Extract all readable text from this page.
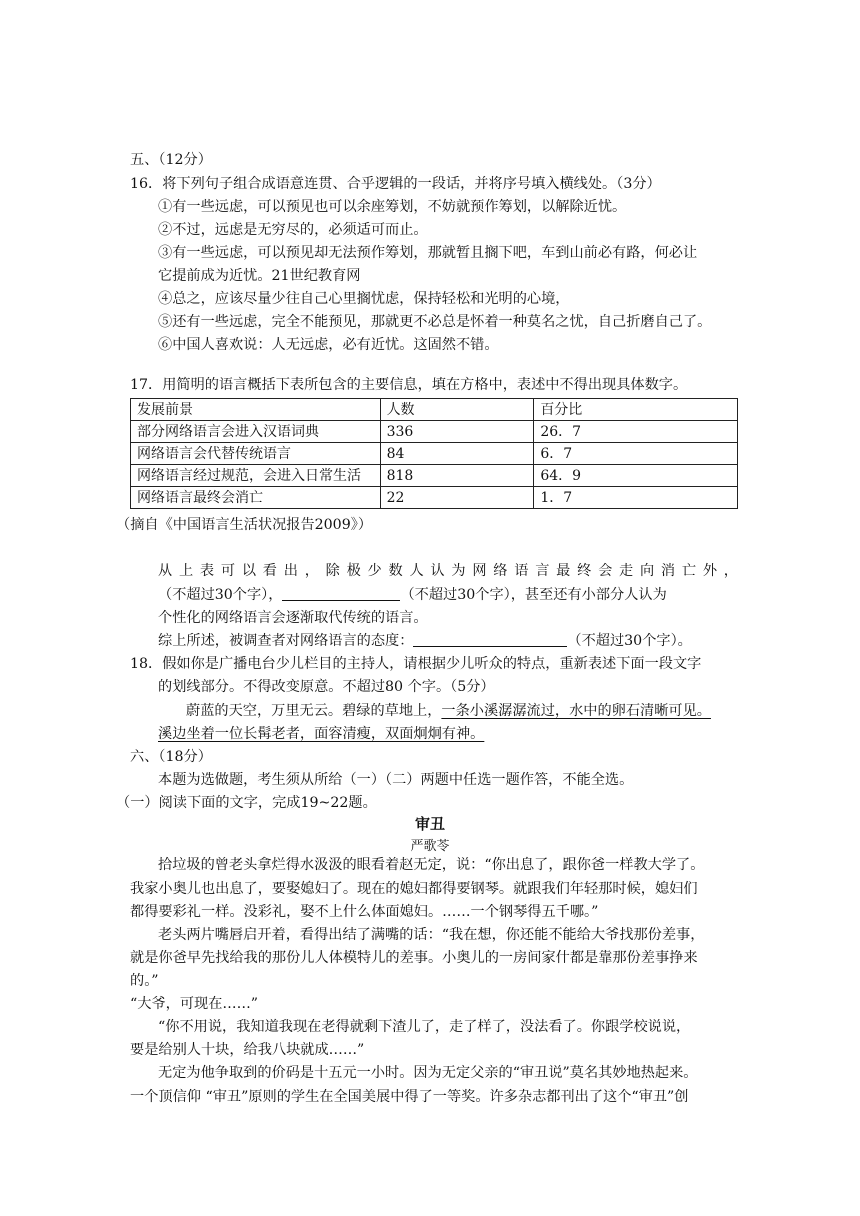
五、（12分）
16．将下列句子组合成语意连贯、合乎逻辑的一段话，并将序号填入横线处。（3分）
①有一些远虑，可以预见也可以余座筹划，不妨就预作筹划，以解除近忧。
②不过，远虑是无穷尽的，必须适可而止。
③有一些远虑，可以预见却无法预作筹划，那就暂且搁下吧，车到山前必有路，何必让
它提前成为近忧。21世纪教育网
④总之，应该尽量少往自己心里搁忧虑，保持轻松和光明的心境，
⑤还有一些远虑，完全不能预见，那就更不必总是怀着一种莫名之忧，自己折磨自己了。
⑥中国人喜欢说：人无远虑，必有近忧。这固然不错。
17．用简明的语言概括下表所包含的主要信息，填在方格中，表述中不得出现具体数字。
发展前景	人数	百分比
部分网络语言会进入汉语词典	336	26．7
网络语言会代替传统语言	84	6．7
网络语言经过规范，会进入日常生活	818	64．9
网络语言最终会消亡	22	1．7
（摘自《中国语言生活状况报告2009》）
从上表可以看出，除极少数人认为网络语言最终会走向消亡外，
（不超过30个字），	（不超过30个字），甚至还有小部分人认为
个性化的网络语言会逐渐取代传统的语言。
综上所述，被调查者对网络语言的态度：	（不超过30个字）。
18．假如你是广播电台少儿栏目的主持人，请根据少儿听众的特点，重新表述下面一段文字
的划线部分。不得改变原意。不超过80 个字。（5分）
蔚蓝的天空，万里无云。碧绿的草地上，一条小溪潺潺流过，水中的卵石清晰可见。
溪边坐着一位长髯老者，面容清瘦，双面炯炯有神。
六、（18分）
本题为选做题，考生须从所给（一）（二）两题中任选一题作答，不能全选。
（一）阅读下面的文字，完成19~22题。
审丑
严歌苓
拾垃圾的曾老头拿烂得水汲汲的眼看着赵无定，说：“你出息了，跟你爸一样教大学了。
我家小奥儿也出息了，要娶媳妇了。现在的媳妇都得要钢琴。就跟我们年轻那时候，媳妇们
都得要彩礼一样。没彩礼，娶不上什么体面媳妇。……一个钢琴得五千哪。”
老头两片嘴唇启开着，看得出结了满嘴的话：“我在想，你还能不能给大爷找那份差事，
就是你爸早先找给我的那份儿人体模特儿的差事。小奥儿的一房间家什都是靠那份差事挣来
的。”
“大爷，可现在……”
“你不用说，我知道我现在老得就剩下渣儿了，走了样了，没法看了。你跟学校说说，
要是给别人十块，给我八块就成……”
无定为他争取到的价码是十五元一小时。因为无定父亲的“审丑说”莫名其妙地热起来。
一个顶信仰 “审丑”原则的学生在全国美展中得了一等奖。许多杂志都刊出了这个“审丑”创
